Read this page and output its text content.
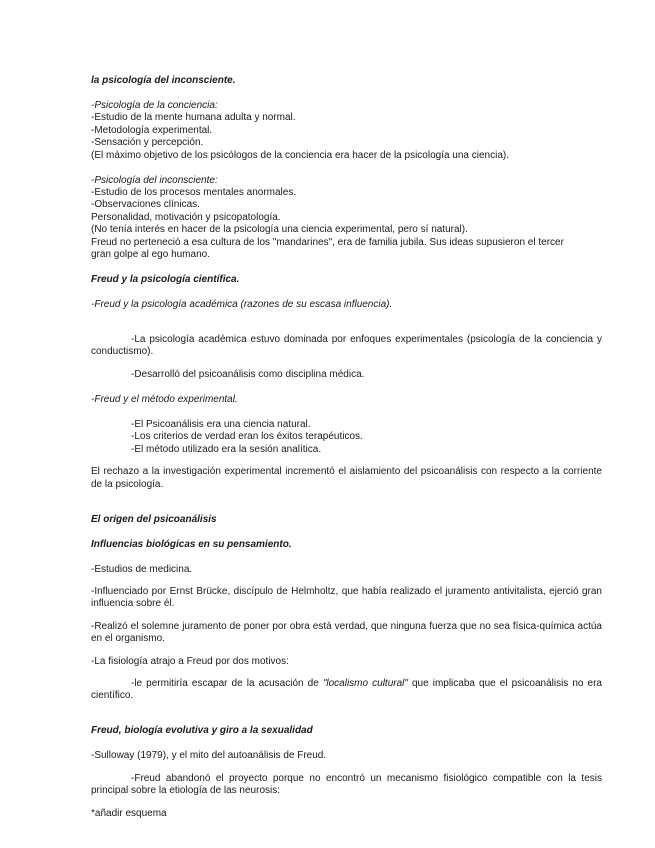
la psicología del inconsciente.

-Psicología de la conciencia:

-Estudio de la mente humana adulta y normal.

-Metodología experimental.

-Sensación y percepción.

(El máximo objetivo de los psicólogos de la conciencia era hacer de la psicología una ciencia).

-Psicología del inconsciente:

-Estudio de los procesos mentales anormales.

-Observaciones clínicas.

Personalidad, motivación y psicopatología.

(No tenía interés en hacer de la psicología una ciencia experimental, pero sí natural).

Freud no perteneció a esa cultura de los "mandarines", era de familia jubila. Sus ideas supusieron el tercer

gran golpe al ego humano.

Freud y la psicología científica.

-Freud y la psicología académica (razones de su escasa influencia).

-La psicología académica estuvo dominada por enfoques experimentales (psicología de la conciencia y conductismo).

-Desarrolló del psicoanálisis como disciplina médica.

-Freud y el método experimental.

-El Psicoanálisis era una ciencia natural.

-Los criterios de verdad eran los éxitos terapéuticos.

-El método utilizado era la sesión analítica.

El rechazo a la investigación experimental incrementó el aislamiento del psicoanálisis con respecto a la corriente de la psicología.

El origen del psicoanálisis

Influencias biológicas en su pensamiento.

-Estudios de medicina.

-Influenciado por Ernst Brücke, discípulo de Helmholtz, que había realizado el juramento antivitalista, ejerció gran influencia sobre él.

-Realizó el solemne juramento de poner por obra está verdad, que ninguna fuerza que no sea física-química actúa en el organismo.

-La fisiología atrajo a Freud por dos motivos:

-le permitiría escapar de la acusación de "localismo cultural" que implicaba que el psicoanálisis no era científico.

Freud, biología evolutiva y giro a la sexualidad

-Sulloway (1979), y el mito del autoanálisis de Freud.

-Freud abandonó el proyecto porque no encontró un mecanismo fisiológico compatible con la tesis principal sobre la etiología de las neurosis:

*añadir esquema
